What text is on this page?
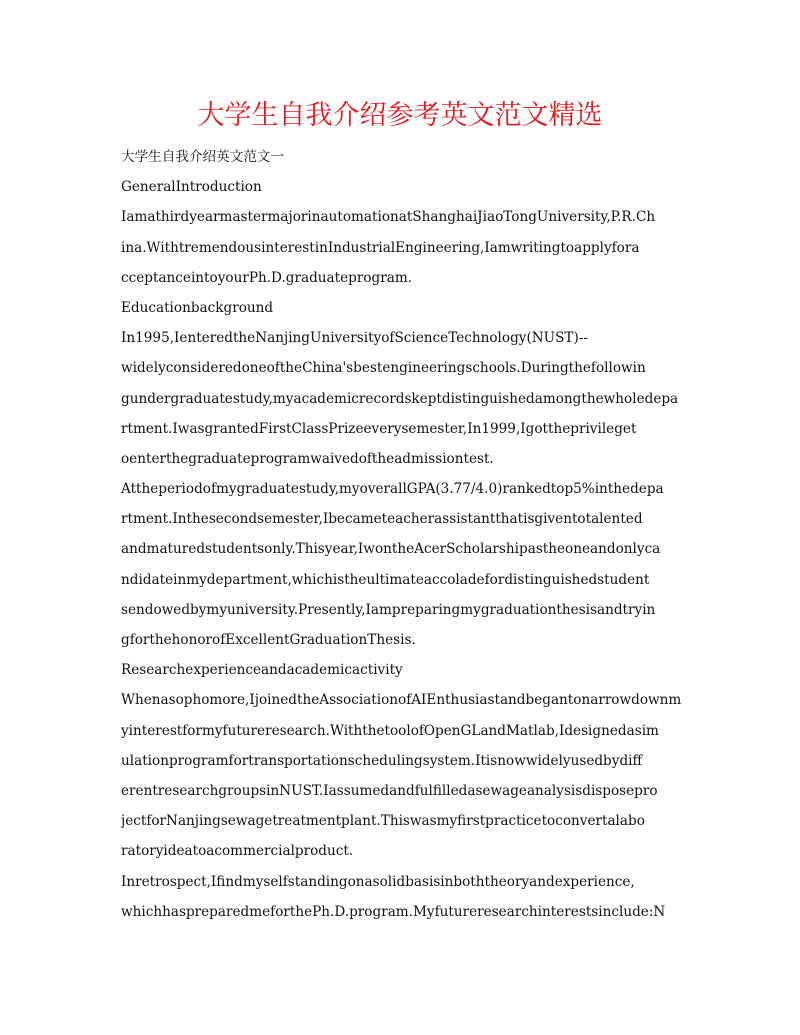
大学生自我介绍参考英文范文精选
大学生自我介绍英文范文一
GeneralIntroduction
IamathirdyearmastermajorinautomationatShanghaiJiaoTongUniversity,P.R.Ch
ina.WithtremendousinterestinIndustrialEngineering,Iamwritingtoapplyfora
cceptanceintoyourPh.D.graduateprogram.
Educationbackground
In1995,IenteredtheNanjingUniversityofScienceTechnology(NUST)--
widelyconsideredoneoftheChina'sbestengineeringschools.Duringthefollowin
gundergraduatestudy,myacademicrecordskeptdistinguishedamongthewholedepa
rtment.IwasgrantedFirstClassPrizeeverysemester,In1999,Igottheprivileget
oenterthegraduateprogramwaivedoftheadmissiontest.
Attheperiodofmygraduatestudy,myoverallGPA(3.77/4.0)rankedtop5%inthedepa
rtment.Inthesecondsemester,Ibecameteacherassistantthatisgiventotalented
andmaturedstudentsonly.Thisyear,IwontheAcerScholarshipastheoneandonlyca
ndidateinmydepartment,whichistheultimateaccoladefordistinguishedstudent
sendowedbymyuniversity.Presently,Iampreparingmygraduationthesisandtryin
gforthehonorofExcellentGraduationThesis.
Researchexperienceandacademicactivity
Whenasophomore,IjoinedtheAssociationofAIEnthusiastandbegantonarrowdownm
yinterestformyfutureresearch.WiththetoolofOpenGLandMatlab,Idesignedasim
ulationprogramfortransportationschedulingsystem.Itisnowwidelyusedbydiff
erentresearchgroupsinNUST.Iassumedandfulfilledasewageanalysisdisposepro
jectforNanjingsewagetreatmentplant.Thiswasmyfirstpracticetoconvertalabo
ratoryideatoacommercialproduct.
Inretrospect,Ifindmyselfstandingonasolidbasisinboththeoryandexperience,
whichhaspreparedmeforthePh.D.program.Myfutureresearchinterestsinclude:N
